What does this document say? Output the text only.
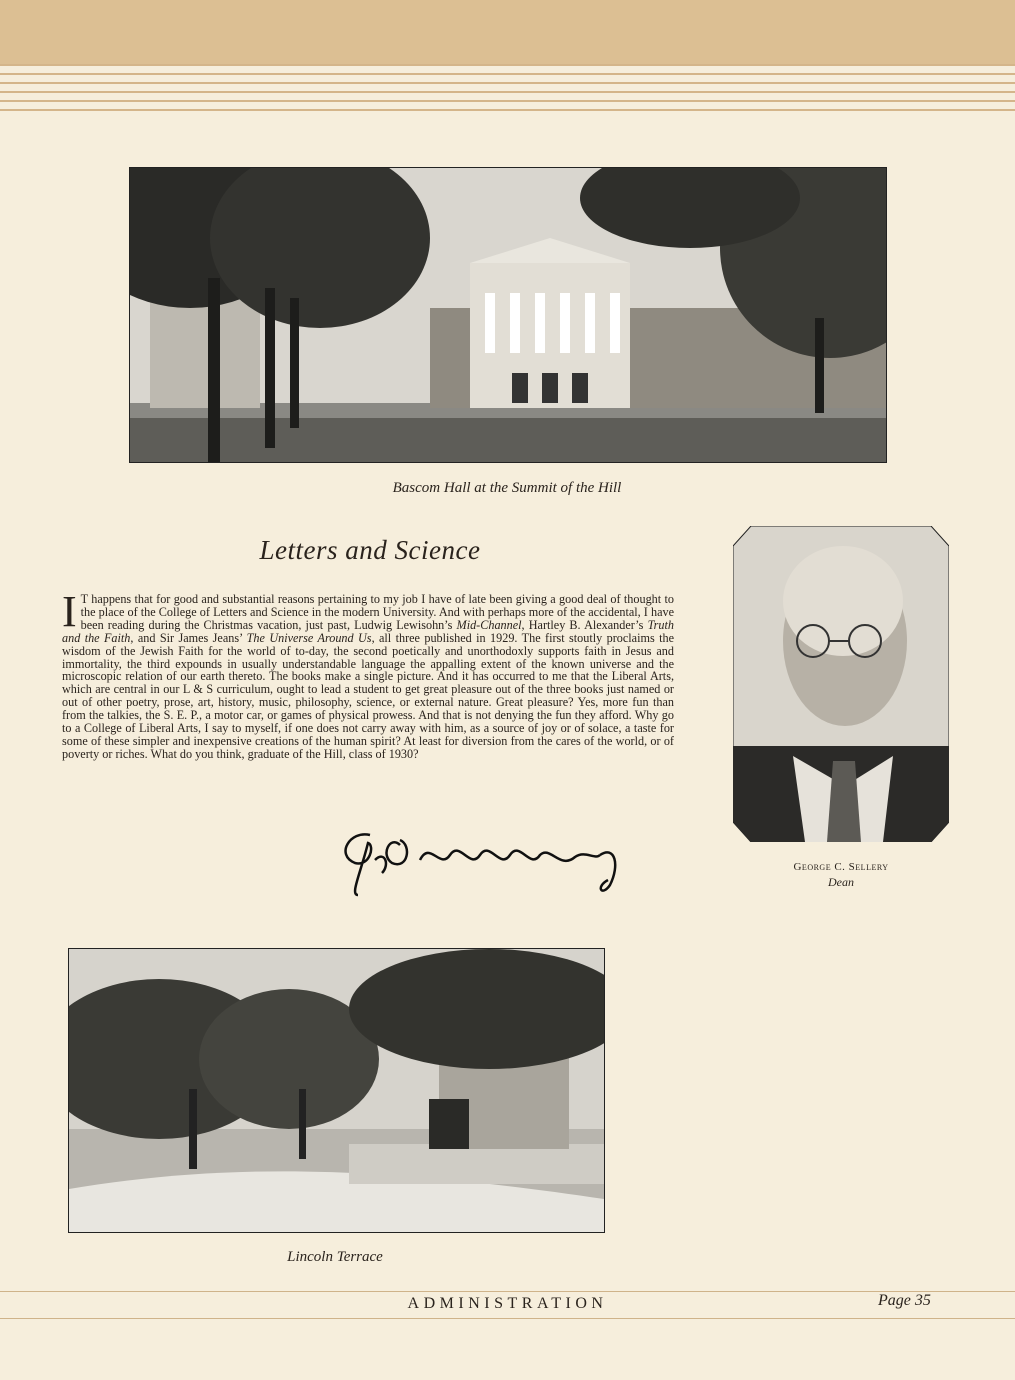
Bascom Hall at the Summit of the Hill
Letters and Science

I T happens that for good and substantial reasons pertaining to my job I have of late been giving a good deal of thought to the place of the College of Letters and Science in the modern University. And with perhaps more of the accidental, I have been reading during the Christmas vacation, just past, Ludwig Lewisohn’s Mid-Channel, Hartley B. Alexander’s Truth and the Faith, and Sir James Jeans’ The Universe Around Us, all three published in 1929. The first stoutly proclaims the wisdom of the Jewish Faith for the world of to-day, the second poetically and unorthodoxly supports faith in Jesus and immortality, the third expounds in usually understandable language the appalling extent of the known universe and the microscopic relation of our earth thereto. The books make a single picture. And it has occurred to me that the Liberal Arts, which are central in our L & S curriculum, ought to lead a student to get great pleasure out of the three books just named or out of other poetry, prose, art, history, music, philosophy, science, or external nature. Great pleasure? Yes, more fun than from the talkies, the S. E. P., a motor car, or games of physical prowess. And that is not denying the fun they afford. Why go to a College of Liberal Arts, I say to myself, if one does not carry away with him, as a source of joy or of solace, a taste for some of these simpler and inexpensive creations of the human spirit? At least for diversion from the cares of the world, or of poverty or riches. What do you think, graduate of the Hill, class of 1930?

George C. Sellery
Dean
Lincoln Terrace
ADMINISTRATION	Page 35
